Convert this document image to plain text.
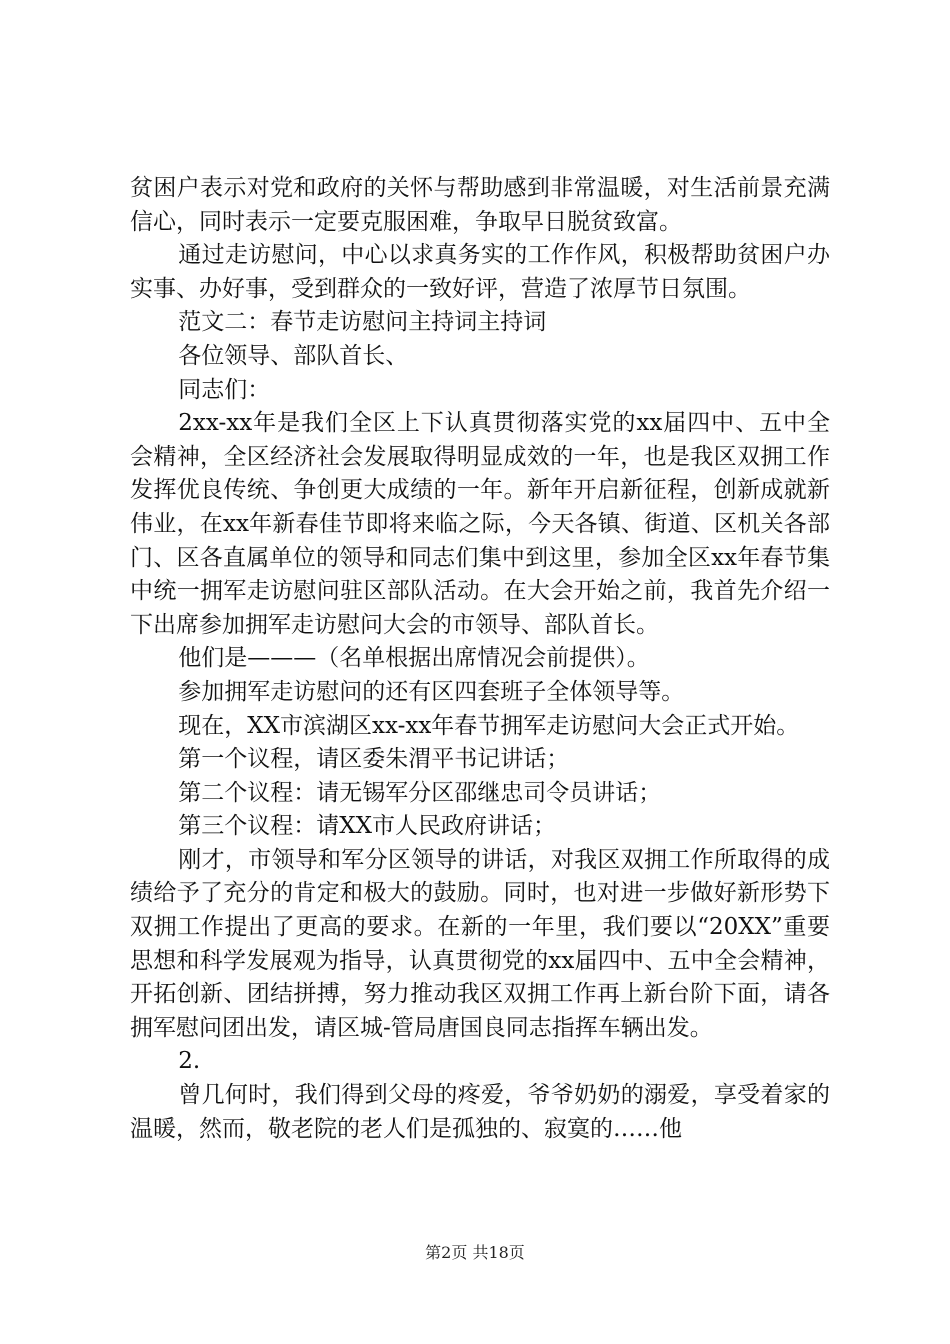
贫困户表示对党和政府的关怀与帮助感到非常温暖，对生活前景充满信心，同时表示一定要克服困难，争取早日脱贫致富。

通过走访慰问，中心以求真务实的工作作风，积极帮助贫困户办实事、办好事，受到群众的一致好评，营造了浓厚节日氛围。

范文二：春节走访慰问主持词主持词

各位领导、部队首长、

同志们：

2xx-xx年是我们全区上下认真贯彻落实党的xx届四中、五中全会精神，全区经济社会发展取得明显成效的一年，也是我区双拥工作发挥优良传统、争创更大成绩的一年。新年开启新征程，创新成就新伟业，在xx年新春佳节即将来临之际，今天各镇、街道、区机关各部门、区各直属单位的领导和同志们集中到这里，参加全区xx年春节集中统一拥军走访慰问驻区部队活动。在大会开始之前，我首先介绍一下出席参加拥军走访慰问大会的市领导、部队首长。

他们是———（名单根据出席情况会前提供）。

参加拥军走访慰问的还有区四套班子全体领导等。

现在，XX市滨湖区xx-xx年春节拥军走访慰问大会正式开始。

第一个议程，请区委朱渭平书记讲话；

第二个议程：请无锡军分区邵继忠司令员讲话；

第三个议程：请XX市人民政府讲话；

刚才，市领导和军分区领导的讲话，对我区双拥工作所取得的成绩给予了充分的肯定和极大的鼓励。同时，也对进一步做好新形势下双拥工作提出了更高的要求。在新的一年里，我们要以“20XX”重要思想和科学发展观为指导，认真贯彻党的xx届四中、五中全会精神，开拓创新、团结拼搏，努力推动我区双拥工作再上新台阶下面，请各拥军慰问团出发，请区城-管局唐国良同志指挥车辆出发。

2.

曾几何时，我们得到父母的疼爱，爷爷奶奶的溺爱，享受着家的温暖，然而，敬老院的老人们是孤独的、寂寞的……他

第2页 共18页
